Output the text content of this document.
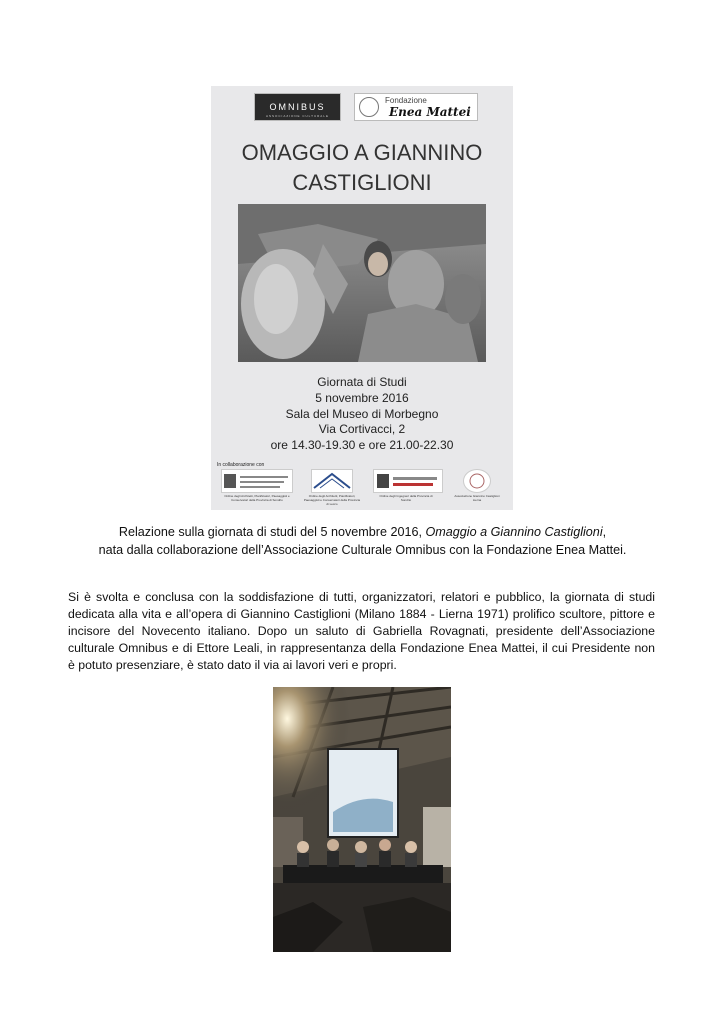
OMNIBUS
ASSOCIAZIONE CULTURALE
Fondazione
Enea Mattei
OMAGGIO A GIANNINO
CASTIGLIONI
Giornata di Studi
5 novembre 2016
Sala del Museo di Morbegno
Via Cortivacci, 2
ore 14.30-19.30 e ore 21.00-22.30
In collaborazione con
Ordine degli Architetti, Pianificatori, Paesaggisti e Conservatori della Provincia di Sondrio
Ordine degli Architetti, Pianificatori, Paesaggisti e Conservatori della Provincia di Lecco
Ordine degli Ingegneri della Provincia di Sondrio
Associazione Giannino Castiglioni Lierna
Relazione sulla giornata di studi del 5 novembre 2016, Omaggio a Giannino Castiglioni,
nata dalla collaborazione dell’Associazione Culturale Omnibus con la Fondazione Enea Mattei.
Si è svolta e conclusa con la soddisfazione di tutti, organizzatori, relatori e pubblico, la giornata di studi dedicata alla vita e all’opera di Giannino Castiglioni (Milano 1884 - Lierna 1971) prolifico scultore, pittore e incisore del Novecento italiano. Dopo un saluto di Gabriella Rovagnati, presidente dell’Associazione culturale Omnibus e di Ettore Leali, in rappresentanza della Fondazione Enea Mattei, il cui Presidente non è potuto presenziare, è stato dato il via ai lavori veri e propri.
